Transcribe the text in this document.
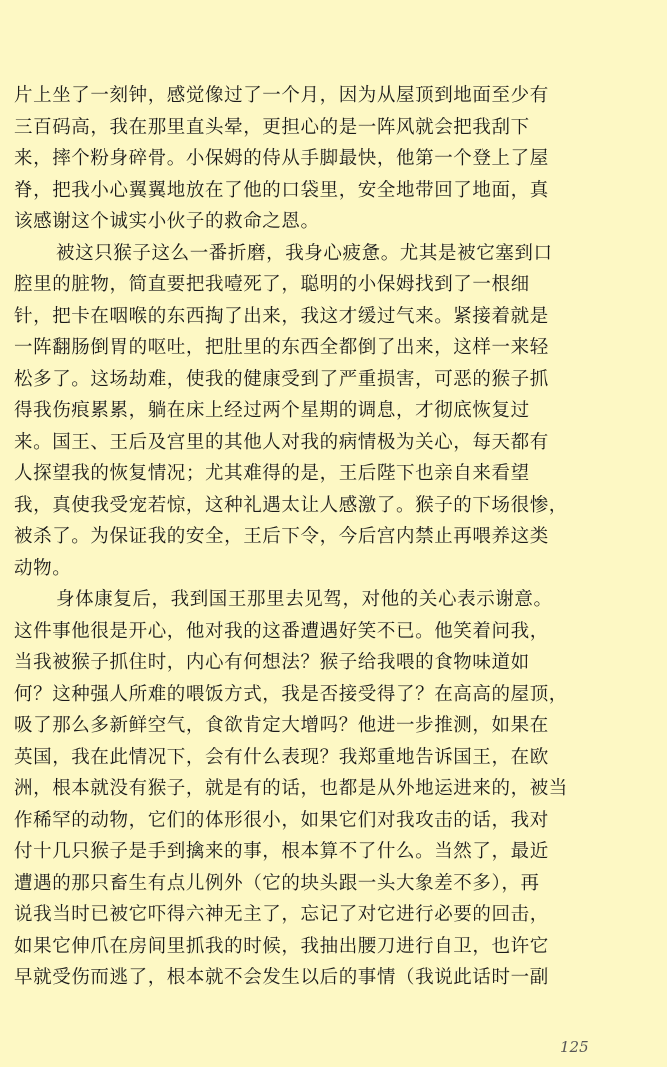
片上坐了一刻钟，感觉像过了一个月，因为从屋顶到地面至少有
三百码高，我在那里直头晕，更担心的是一阵风就会把我刮下
来，摔个粉身碎骨。小保姆的侍从手脚最快，他第一个登上了屋
脊，把我小心翼翼地放在了他的口袋里，安全地带回了地面，真
该感谢这个诚实小伙子的救命之恩。
被这只猴子这么一番折磨，我身心疲惫。尤其是被它塞到口
腔里的脏物，简直要把我噎死了，聪明的小保姆找到了一根细
针，把卡在咽喉的东西掏了出来，我这才缓过气来。紧接着就是
一阵翻肠倒胃的呕吐，把肚里的东西全都倒了出来，这样一来轻
松多了。这场劫难，使我的健康受到了严重损害，可恶的猴子抓
得我伤痕累累，躺在床上经过两个星期的调息，才彻底恢复过
来。国王、王后及宫里的其他人对我的病情极为关心，每天都有
人探望我的恢复情况；尤其难得的是，王后陛下也亲自来看望
我，真使我受宠若惊，这种礼遇太让人感激了。猴子的下场很惨，
被杀了。为保证我的安全，王后下令，今后宫内禁止再喂养这类
动物。
身体康复后，我到国王那里去见驾，对他的关心表示谢意。
这件事他很是开心，他对我的这番遭遇好笑不已。他笑着问我，
当我被猴子抓住时，内心有何想法？猴子给我喂的食物味道如
何？这种强人所难的喂饭方式，我是否接受得了？在高高的屋顶，
吸了那么多新鲜空气，食欲肯定大增吗？他进一步推测，如果在
英国，我在此情况下，会有什么表现？我郑重地告诉国王，在欧
洲，根本就没有猴子，就是有的话，也都是从外地运进来的，被当
作稀罕的动物，它们的体形很小，如果它们对我攻击的话，我对
付十几只猴子是手到擒来的事，根本算不了什么。当然了，最近
遭遇的那只畜生有点儿例外（它的块头跟一头大象差不多），再
说我当时已被它吓得六神无主了，忘记了对它进行必要的回击，
如果它伸爪在房间里抓我的时候，我抽出腰刀进行自卫，也许它
早就受伤而逃了，根本就不会发生以后的事情（我说此话时一副
125
